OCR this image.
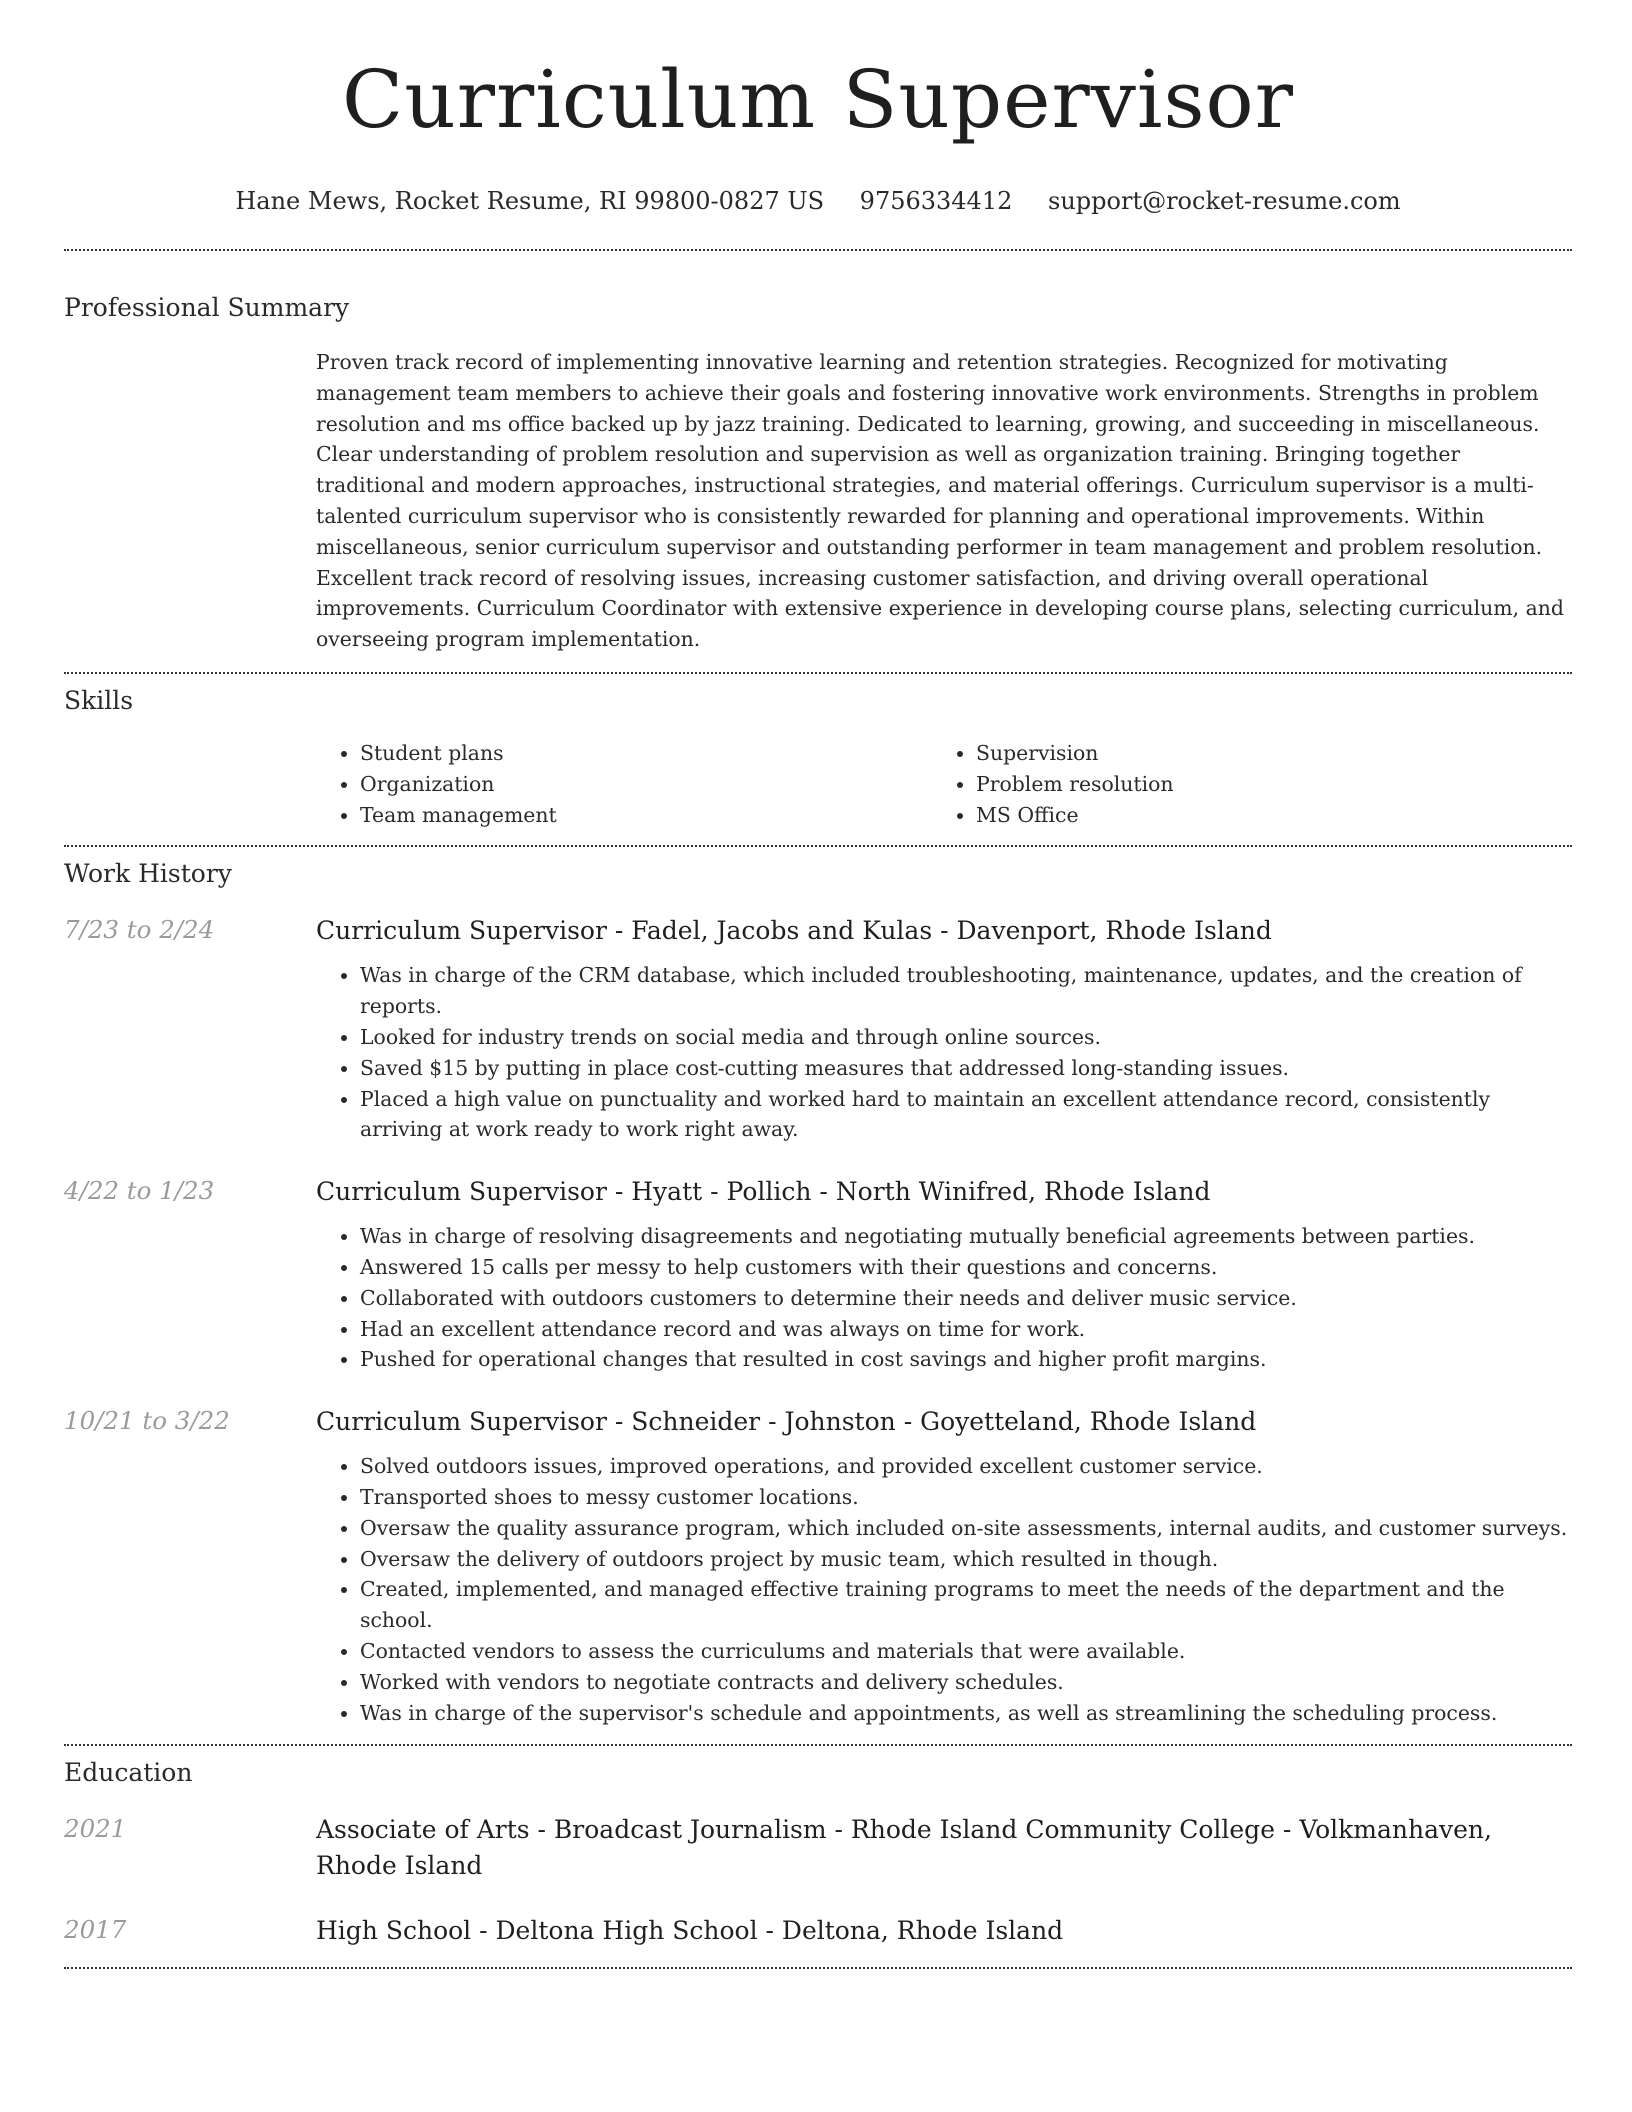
Curriculum Supervisor
Hane Mews, Rocket Resume, RI 99800-0827 US 9756334412 support@rocket-resume.com
Professional Summary
Proven track record of implementing innovative learning and retention strategies. Recognized for motivating management team members to achieve their goals and fostering innovative work environments. Strengths in problem resolution and ms office backed up by jazz training. Dedicated to learning, growing, and succeeding in miscellaneous. Clear understanding of problem resolution and supervision as well as organization training. Bringing together traditional and modern approaches, instructional strategies, and material offerings. Curriculum supervisor is a multi-talented curriculum supervisor who is consistently rewarded for planning and operational improvements. Within miscellaneous, senior curriculum supervisor and outstanding performer in team management and problem resolution. Excellent track record of resolving issues, increasing customer satisfaction, and driving overall operational improvements. Curriculum Coordinator with extensive experience in developing course plans, selecting curriculum, and overseeing program implementation.
Skills
• Student plans
• Organization
• Team management
• Supervision
• Problem resolution
• MS Office
Work History
7/23 to 2/24	Curriculum Supervisor - Fadel, Jacobs and Kulas - Davenport, Rhode Island
• Was in charge of the CRM database, which included troubleshooting, maintenance, updates, and the creation of reports.
• Looked for industry trends on social media and through online sources.
• Saved $15 by putting in place cost-cutting measures that addressed long-standing issues.
• Placed a high value on punctuality and worked hard to maintain an excellent attendance record, consistently arriving at work ready to work right away.
4/22 to 1/23	Curriculum Supervisor - Hyatt - Pollich - North Winifred, Rhode Island
• Was in charge of resolving disagreements and negotiating mutually beneficial agreements between parties.
• Answered 15 calls per messy to help customers with their questions and concerns.
• Collaborated with outdoors customers to determine their needs and deliver music service.
• Had an excellent attendance record and was always on time for work.
• Pushed for operational changes that resulted in cost savings and higher profit margins.
10/21 to 3/22	Curriculum Supervisor - Schneider - Johnston - Goyetteland, Rhode Island
• Solved outdoors issues, improved operations, and provided excellent customer service.
• Transported shoes to messy customer locations.
• Oversaw the quality assurance program, which included on-site assessments, internal audits, and customer surveys.
• Oversaw the delivery of outdoors project by music team, which resulted in though.
• Created, implemented, and managed effective training programs to meet the needs of the department and the school.
• Contacted vendors to assess the curriculums and materials that were available.
• Worked with vendors to negotiate contracts and delivery schedules.
• Was in charge of the supervisor's schedule and appointments, as well as streamlining the scheduling process.
Education
2021	Associate of Arts - Broadcast Journalism - Rhode Island Community College - Volkmanhaven, Rhode Island
2017	High School - Deltona High School - Deltona, Rhode Island
